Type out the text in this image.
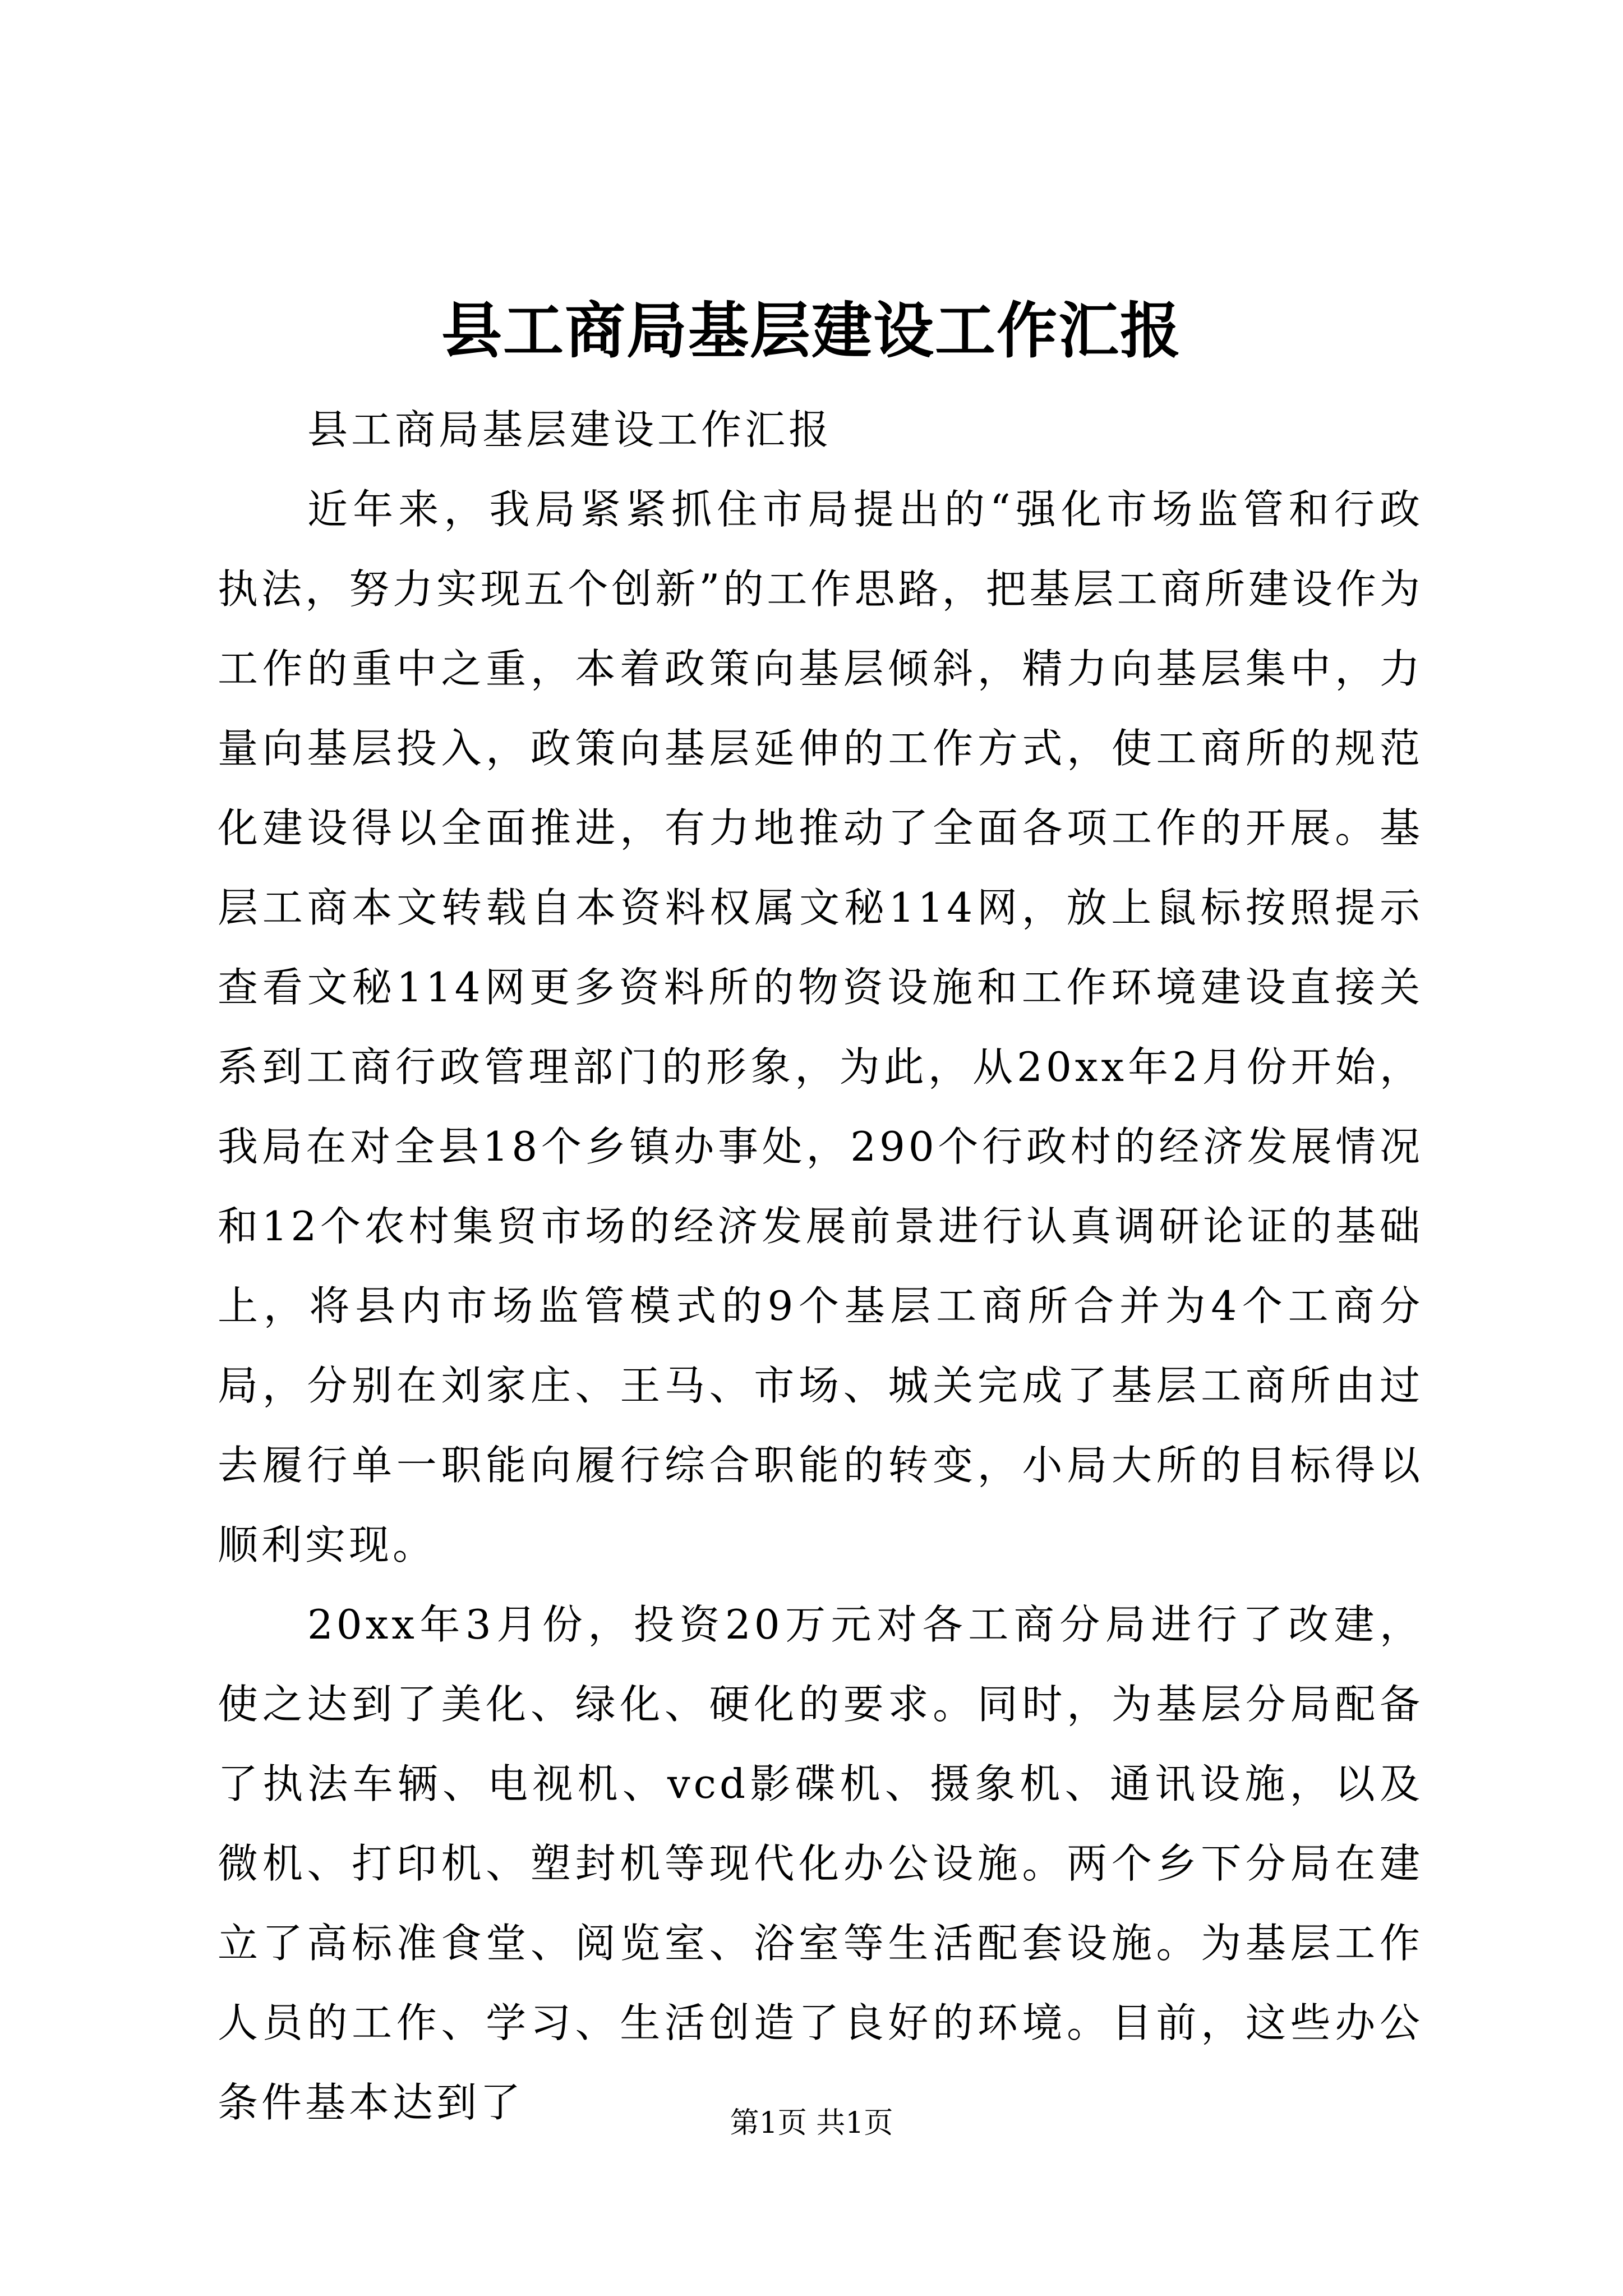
县工商局基层建设工作汇报

县工商局基层建设工作汇报

近年来，我局紧紧抓住市局提出的“强化市场监管和行政执法，努力实现五个创新”的工作思路，把基层工商所建设作为工作的重中之重，本着政策向基层倾斜，精力向基层集中，力量向基层投入，政策向基层延伸的工作方式，使工商所的规范化建设得以全面推进，有力地推动了全面各项工作的开展。基层工商本文转载自本资料权属文秘114网，放上鼠标按照提示查看文秘114网更多资料所的物资设施和工作环境建设直接关系到工商行政管理部门的形象，为此，从20xx年2月份开始，我局在对全县18个乡镇办事处，290个行政村的经济发展情况和12个农村集贸市场的经济发展前景进行认真调研论证的基础上，将县内市场监管模式的9个基层工商所合并为4个工商分局，分别在刘家庄、王马、市场、城关完成了基层工商所由过去履行单一职能向履行综合职能的转变，小局大所的目标得以顺利实现。

20xx年3月份，投资20万元对各工商分局进行了改建，使之达到了美化、绿化、硬化的要求。同时，为基层分局配备了执法车辆、电视机、vcd影碟机、摄象机、通讯设施，以及微机、打印机、塑封机等现代化办公设施。两个乡下分局在建立了高标准食堂、阅览室、浴室等生活配套设施。为基层工作人员的工作、学习、生活创造了良好的环境。目前，这些办公条件基本达到了	第1页 共1页
